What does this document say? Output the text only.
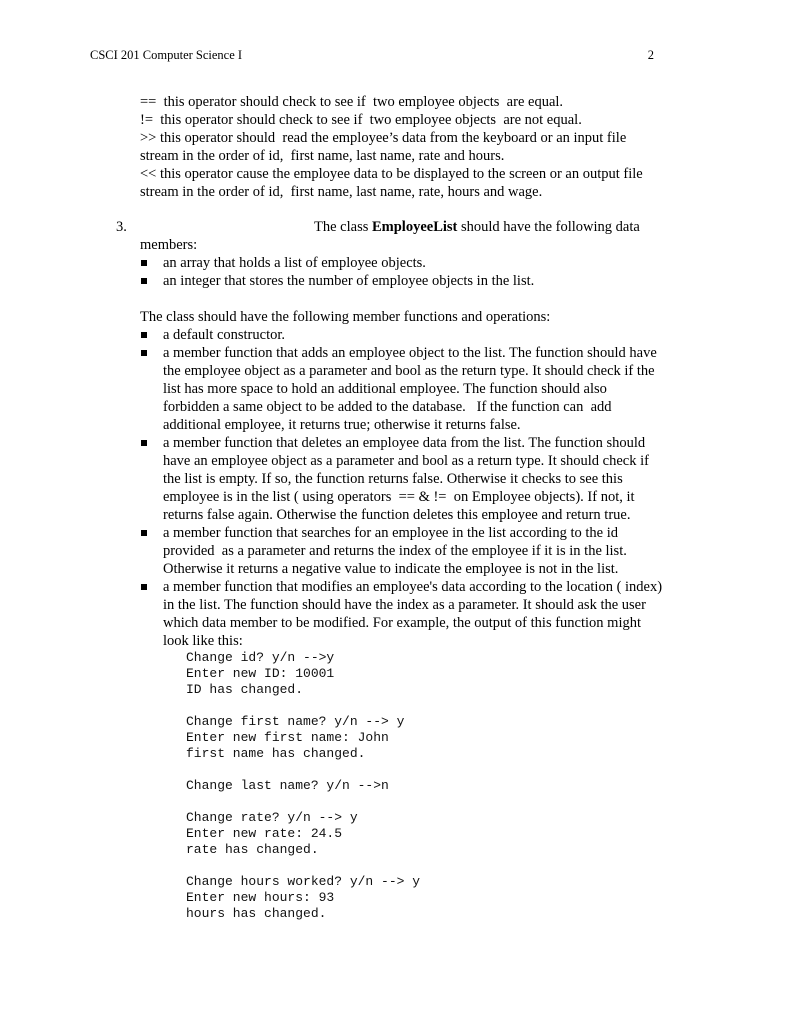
CSCI 201 Computer Science I	2
==  this operator should check to see if  two employee objects  are equal.
!=  this operator should check to see if  two employee objects  are not equal.
>> this operator should  read the employee’s data from the keyboard or an input file
stream in the order of id,  first name, last name, rate and hours.
<< this operator cause the employee data to be displayed to the screen or an output file
stream in the order of id,  first name, last name, rate, hours and wage.
3.	The class EmployeeList should have the following data
members:
an array that holds a list of employee objects.
an integer that stores the number of employee objects in the list.
The class should have the following member functions and operations:
a default constructor.
a member function that adds an employee object to the list. The function should have
the employee object as a parameter and bool as the return type. It should check if the
list has more space to hold an additional employee. The function should also
forbidden a same object to be added to the database.   If the function can  add
additional employee, it returns true; otherwise it returns false.
a member function that deletes an employee data from the list. The function should
have an employee object as a parameter and bool as a return type. It should check if
the list is empty. If so, the function returns false. Otherwise it checks to see this
employee is in the list ( using operators  == & !=  on Employee objects). If not, it
returns false again. Otherwise the function deletes this employee and return true.
a member function that searches for an employee in the list according to the id
provided  as a parameter and returns the index of the employee if it is in the list.
Otherwise it returns a negative value to indicate the employee is not in the list.
a member function that modifies an employee's data according to the location ( index)
in the list. The function should have the index as a parameter. It should ask the user
which data member to be modified. For example, the output of this function might
look like this:
Change id? y/n -->y
Enter new ID: 10001
ID has changed.
Change first name? y/n --> y
Enter new first name: John
first name has changed.
Change last name? y/n -->n
Change rate? y/n --> y
Enter new rate: 24.5
rate has changed.
Change hours worked? y/n --> y
Enter new hours: 93
hours has changed.
